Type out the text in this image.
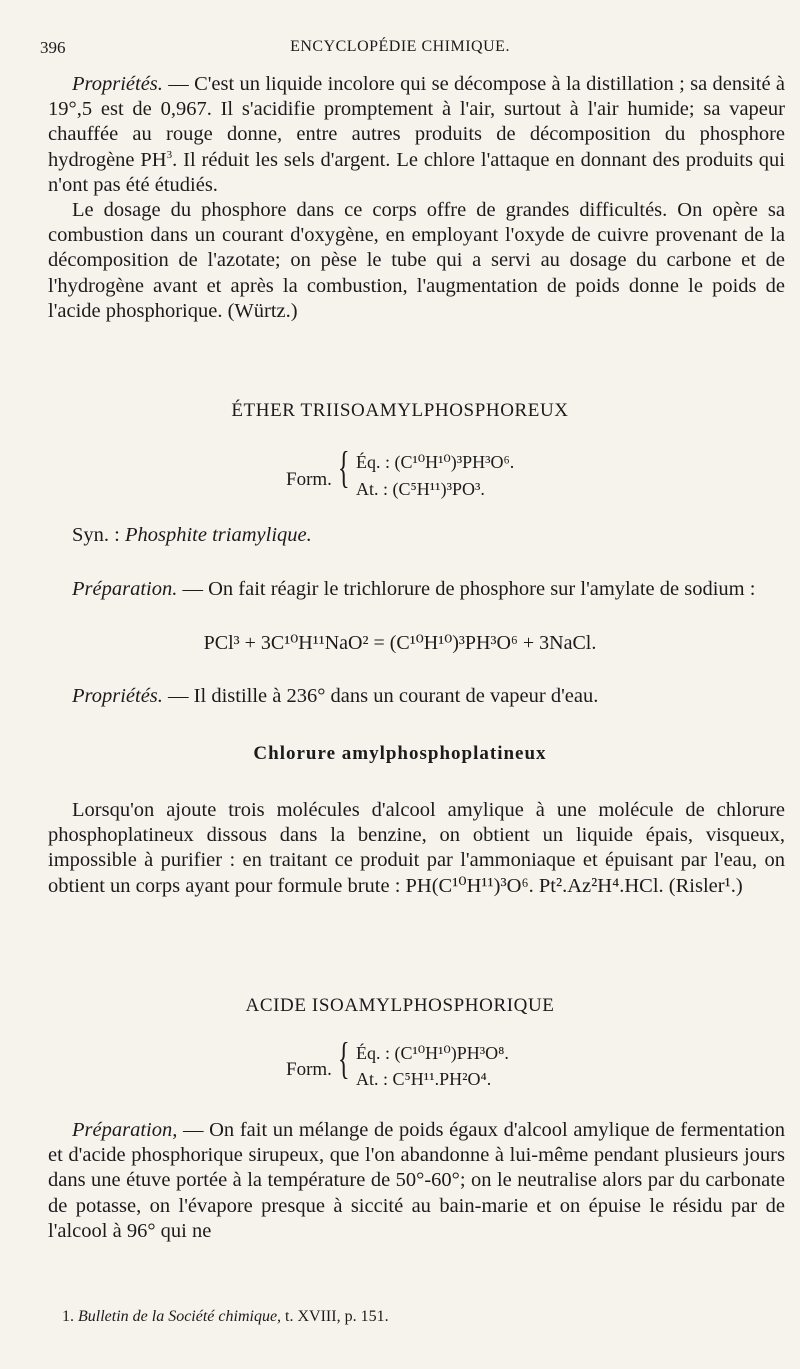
396	ENCYCLOPÉDIE CHIMIQUE.

Propriétés. — C'est un liquide incolore qui se décompose à la distillation ; sa densité à 19°,5 est de 0,967. Il s'acidifie promptement à l'air, surtout à l'air humide; sa vapeur chauffée au rouge donne, entre autres produits de décomposition du phosphore hydrogène $PH^3$. Il réduit les sels d'argent. Le chlore l'attaque en donnant des produits qui n'ont pas été étudiés.

Le dosage du phosphore dans ce corps offre de grandes difficultés. On opère sa combustion dans un courant d'oxygène, en employant l'oxyde de cuivre provenant de la décomposition de l'azotate; on pèse le tube qui a servi au dosage du carbone et de l'hydrogène avant et après la combustion, l'augmentation de poids donne le poids de l'acide phosphorique. (Würtz.)

ÉTHER TRIISOAMYLPHOSPHOREUX
Form. { Éq. : (C¹⁰H¹⁰)³PH³O⁶.
At. : (C⁵H¹¹)³PO³.
Syn. : Phosphite triamylique.

Préparation. — On fait réagir le trichlorure de phosphore sur l'amylate de sodium :

PCl³ + 3C¹⁰H¹¹NaO² = (C¹⁰H¹⁰)³PH³O⁶ + 3NaCl.

Propriétés. — Il distille à 236° dans un courant de vapeur d'eau.

Chlorure amylphosphoplatineux

Lorsqu'on ajoute trois molécules d'alcool amylique à une molécule de chlorure phosphoplatineux dissous dans la benzine, on obtient un liquide épais, visqueux, impossible à purifier : en traitant ce produit par l'ammoniaque et épuisant par l'eau, on obtient un corps ayant pour formule brute : PH(C¹⁰H¹¹)³O⁶. Pt².Az²H⁴.HCl. (Risler¹.)

ACIDE ISOAMYLPHOSPHORIQUE
Form. { Éq. : (C¹⁰H¹⁰)PH³O⁸.
At. : C⁵H¹¹.PH²O⁴.

Préparation, — On fait un mélange de poids égaux d'alcool amylique de fermentation et d'acide phosphorique sirupeux, que l'on abandonne à lui-même pendant plusieurs jours dans une étuve portée à la température de 50°-60°; on le neutralise alors par du carbonate de potasse, on l'évapore presque à siccité au bain-marie et on épuise le résidu par de l'alcool à 96° qui ne

1. Bulletin de la Société chimique, t. XVIII, p. 151.
